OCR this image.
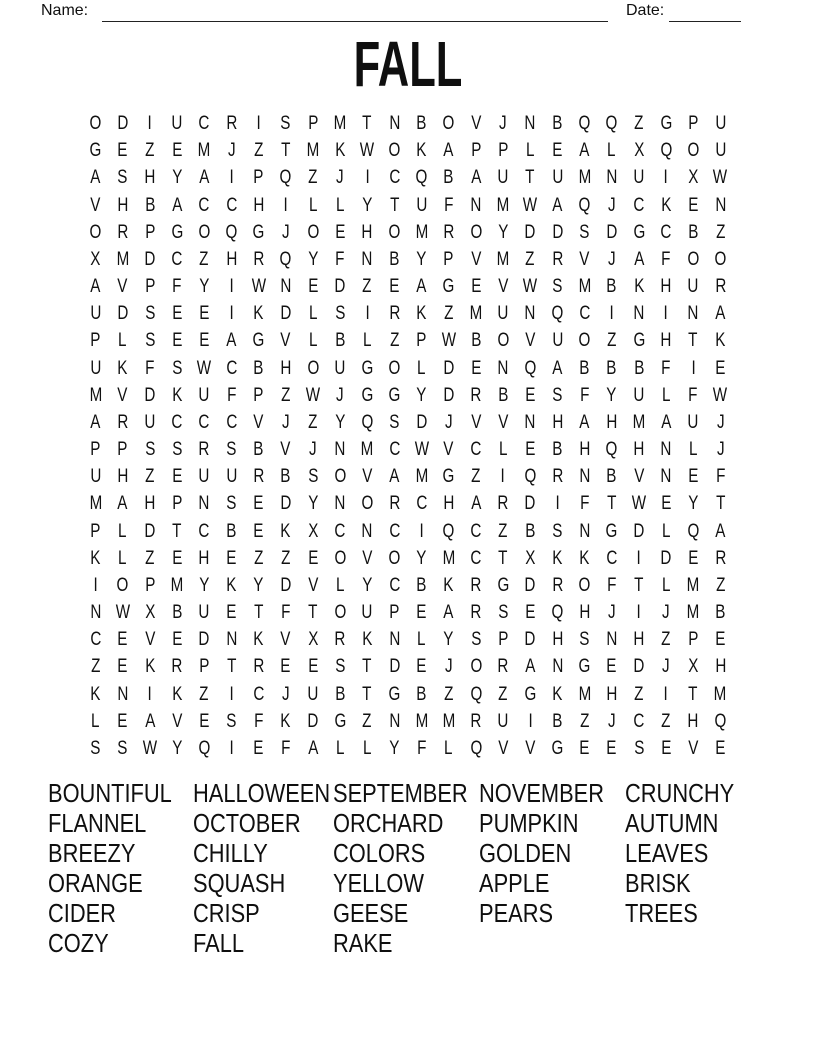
Name:	Date:
FALL
O D I U C R I S P M T N B O V J N B Q Q Z G P U
G E Z E M J Z T M K W O K A P P L E A L X Q O U
A S H Y A I P Q Z J I C Q B A U T U M N U I X W
V H B A C C H I L L Y T U F N M W A Q J C K E N
O R P G O Q G J O E H O M R O Y D D S D G C B Z
X M D C Z H R Q Y F N B Y P V M Z R V J A F O O
A V P F Y I W N E D Z E A G E V W S M B K H U R
U D S E E I K D L S I R K Z M U N Q C I N I N A
P L S E E A G V L B L Z P W B O V U O Z G H T K
U K F S W C B H O U G O L D E N Q A B B B F I E
M V D K U F P Z W J G G Y D R B E S F Y U L F W
A R U C C C V J Z Y Q S D J V V N H A H M A U J
P P S S R S B V J N M C W V C L E B H Q H N L J
U H Z E U U R B S O V A M G Z I Q R N B V N E F
M A H P N S E D Y N O R C H A R D I F T W E Y T
P L D T C B E K X C N C I Q C Z B S N G D L Q A
K L Z E H E Z Z E O V O Y M C T X K K C I D E R
I O P M Y K Y D V L Y C B K R G D R O F T L M Z
N W X B U E T F T O U P E A R S E Q H J I J M B
C E V E D N K V X R K N L Y S P D H S N H Z P E
Z E K R P T R E E S T D E J O R A N G E D J X H
K N I K Z I C J U B T G B Z Q Z G K M H Z I T M
L E A V E S F K D G Z N M M R U I B Z J C Z H Q
S S W Y Q I E F A L L Y F L Q V V G E E S E V E
BOUNTIFUL
FLANNEL
BREEZY
ORANGE
CIDER
COZY
HALLOWEEN
OCTOBER
CHILLY
SQUASH
CRISP
FALL
SEPTEMBER
ORCHARD
COLORS
YELLOW
GEESE
RAKE
NOVEMBER
PUMPKIN
GOLDEN
APPLE
PEARS
CRUNCHY
AUTUMN
LEAVES
BRISK
TREES
